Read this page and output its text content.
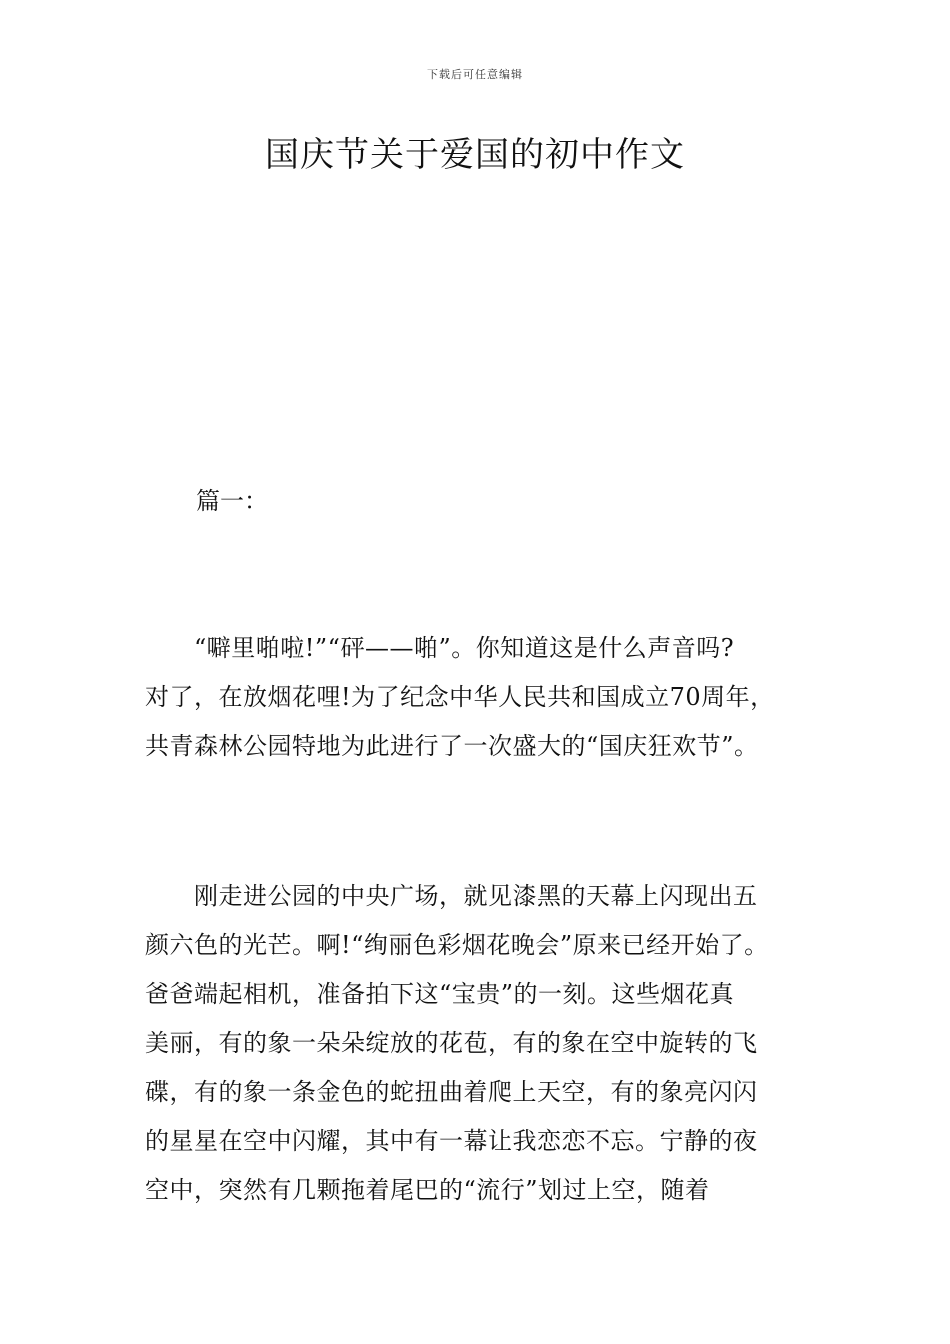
下载后可任意编辑
国庆节关于爱国的初中作文
篇一：

　　“噼里啪啦!”“砰——啪”。你知道这是什么声音吗?
对了，在放烟花哩!为了纪念中华人民共和国成立70周年，
共青森林公园特地为此进行了一次盛大的“国庆狂欢节”。

　　刚走进公园的中央广场，就见漆黑的天幕上闪现出五
颜六色的光芒。啊!“绚丽色彩烟花晚会”原来已经开始了。
爸爸端起相机，准备拍下这“宝贵”的一刻。这些烟花真
美丽，有的象一朵朵绽放的花苞，有的象在空中旋转的飞
碟，有的象一条金色的蛇扭曲着爬上天空，有的象亮闪闪
的星星在空中闪耀，其中有一幕让我恋恋不忘。宁静的夜
空中，突然有几颗拖着尾巴的“流行”划过上空，随着
